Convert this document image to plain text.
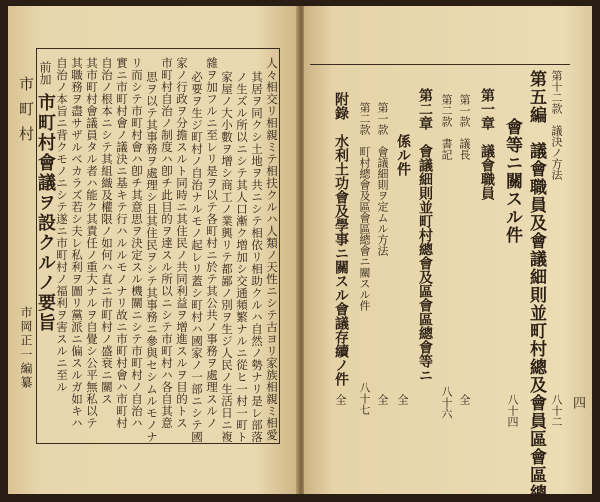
人々相交リ相親ミテ相扶クルハ人類ノ天性ニシテ古ヨリ家族相親ミ相愛
其居ヲ同クシ土地ヲ共ニシテ相依リ相助クルハ自然ノ勢ナリ是レ部落
ノ生ズル所以ニシテ其人口漸ク増加シ交通頻繁ナルニ從ヒ一村一町ト
家屋ノ大小數ヲ增シ商工ノ業興リテ都鄙ノ別ヲ生ジ人民ノ生活日ニ複
雜ヲ加フルニ至レリ是ヲ以テ各町村ニ於テ其公共ノ事務ヲ處理スルノ
必要ヲ生ジ町村ノ自治ナルモノ起レリ蓋シ町村ハ國家ノ一部ニシテ國
家ノ行政ヲ分擔スルト同時ニ其住民ノ共同利益ヲ增進スルヲ目的トス
市町村自治ノ制度ハ卽チ此目的ヲ達スル所以ニシテ市町村ハ各自其意
思ヲ以テ其事務ヲ處理シ且其住民ヲシテ其事務ニ參與セシムルモノナ
リ而シテ市町村會ハ卽チ其意思ヲ決定スル機關ニシテ市町村ノ自治ハ
實ニ市町村會ノ議決ニ基キテ行ハルルモノナリ故ニ市町村會ハ市町村
自治ノ根本ニシテ其組織及權限ノ如何ハ直ニ市町村ノ盛衰ニ關ス
其市町村會議員タル者ハ能ク其責任ノ重大ナルヲ自覺シ公平無私以テ
其職務ヲ盡サザルベカラズ若シ夫レ私利ヲ圖リ黨派ニ偏スルガ如キハ
自治ノ本旨ニ背クモノニシテ遂ニ市町村ノ福利ヲ害スルニ至ル
市町村會議ヲ設クルノ要旨
前加
市町村
市岡正一編纂
第十二款　議決ノ方法
八十二
第五編　議會職員及會議細則並町村總及會員區會區總
會等ニ關スル件
八十四
第一章　議會職員
第一款　議長
全
第二款　書記
八十六
第二章　會議細則並町村總會及區會區總會等ニ
係ル件
全
第一款　會議細則ヲ定ムル方法
全
第二款　町村總會及區會區總會ニ關スル件
八十七
附錄　水利土功會及學事ニ關スル會議存續ノ件
全	四
